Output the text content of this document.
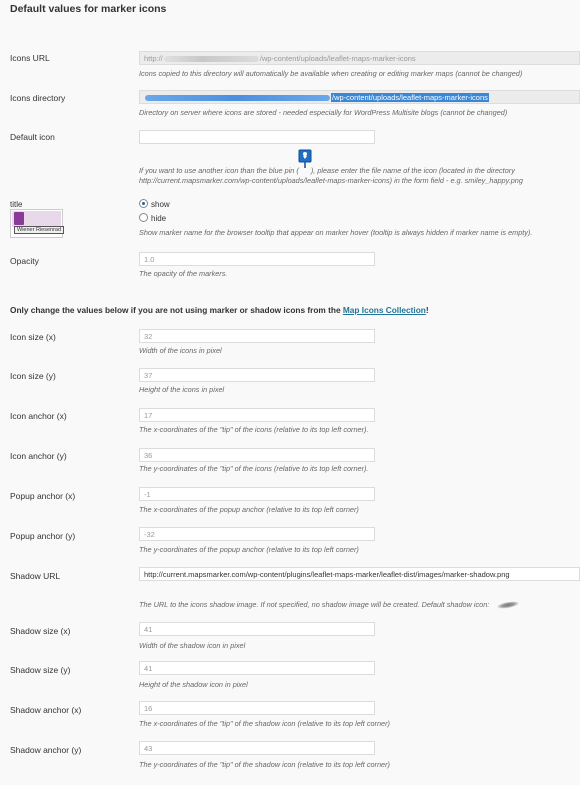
Default values for marker icons
Icons URL	http://	/wp-content/uploads/leaflet-maps-marker-icons
Icons copied to this directory will automatically be available when creating or editing marker maps (cannot be changed)
Icons directory	/wp-content/uploads/leaflet-maps-marker-icons
Directory on server where icons are stored - needed especially for WordPress Multisite blogs (cannot be changed)
Default icon
If you want to use another icon than the blue pin ( ), please enter the file name of the icon (located in the directory
http://current.mapsmarker.com/wp-content/uploads/leaflet-maps-marker-icons) in the form field - e.g. smiley_happy.png
title
Wiener Riesenrad
show
hide
Show marker name for the browser tooltip that appear on marker hover (tooltip is always hidden if marker name is empty).
Opacity	1.0
The opacity of the markers.
Only change the values below if you are not using marker or shadow icons from the Map Icons Collection!
Icon size (x)	32
Width of the icons in pixel
Icon size (y)	37
Height of the icons in pixel
Icon anchor (x)	17
The x-coordinates of the "tip" of the icons (relative to its top left corner).
Icon anchor (y)	36
The y-coordinates of the "tip" of the icons (relative to its top left corner).
Popup anchor (x)	-1
The x-coordinates of the popup anchor (relative to its top left corner)
Popup anchor (y)	-32
The y-coordinates of the popup anchor (relative to its top left corner)
Shadow URL	http://current.mapsmarker.com/wp-content/plugins/leaflet-maps-marker/leaflet-dist/images/marker-shadow.png
The URL to the icons shadow image. If not specified, no shadow image will be created. Default shadow icon:
Shadow size (x)	41
Width of the shadow icon in pixel
Shadow size (y)	41
Height of the shadow icon in pixel
Shadow anchor (x)	16
The x-coordinates of the "tip" of the shadow icon (relative to its top left corner)
Shadow anchor (y)	43
The y-coordinates of the "tip" of the shadow icon (relative to its top left corner)
